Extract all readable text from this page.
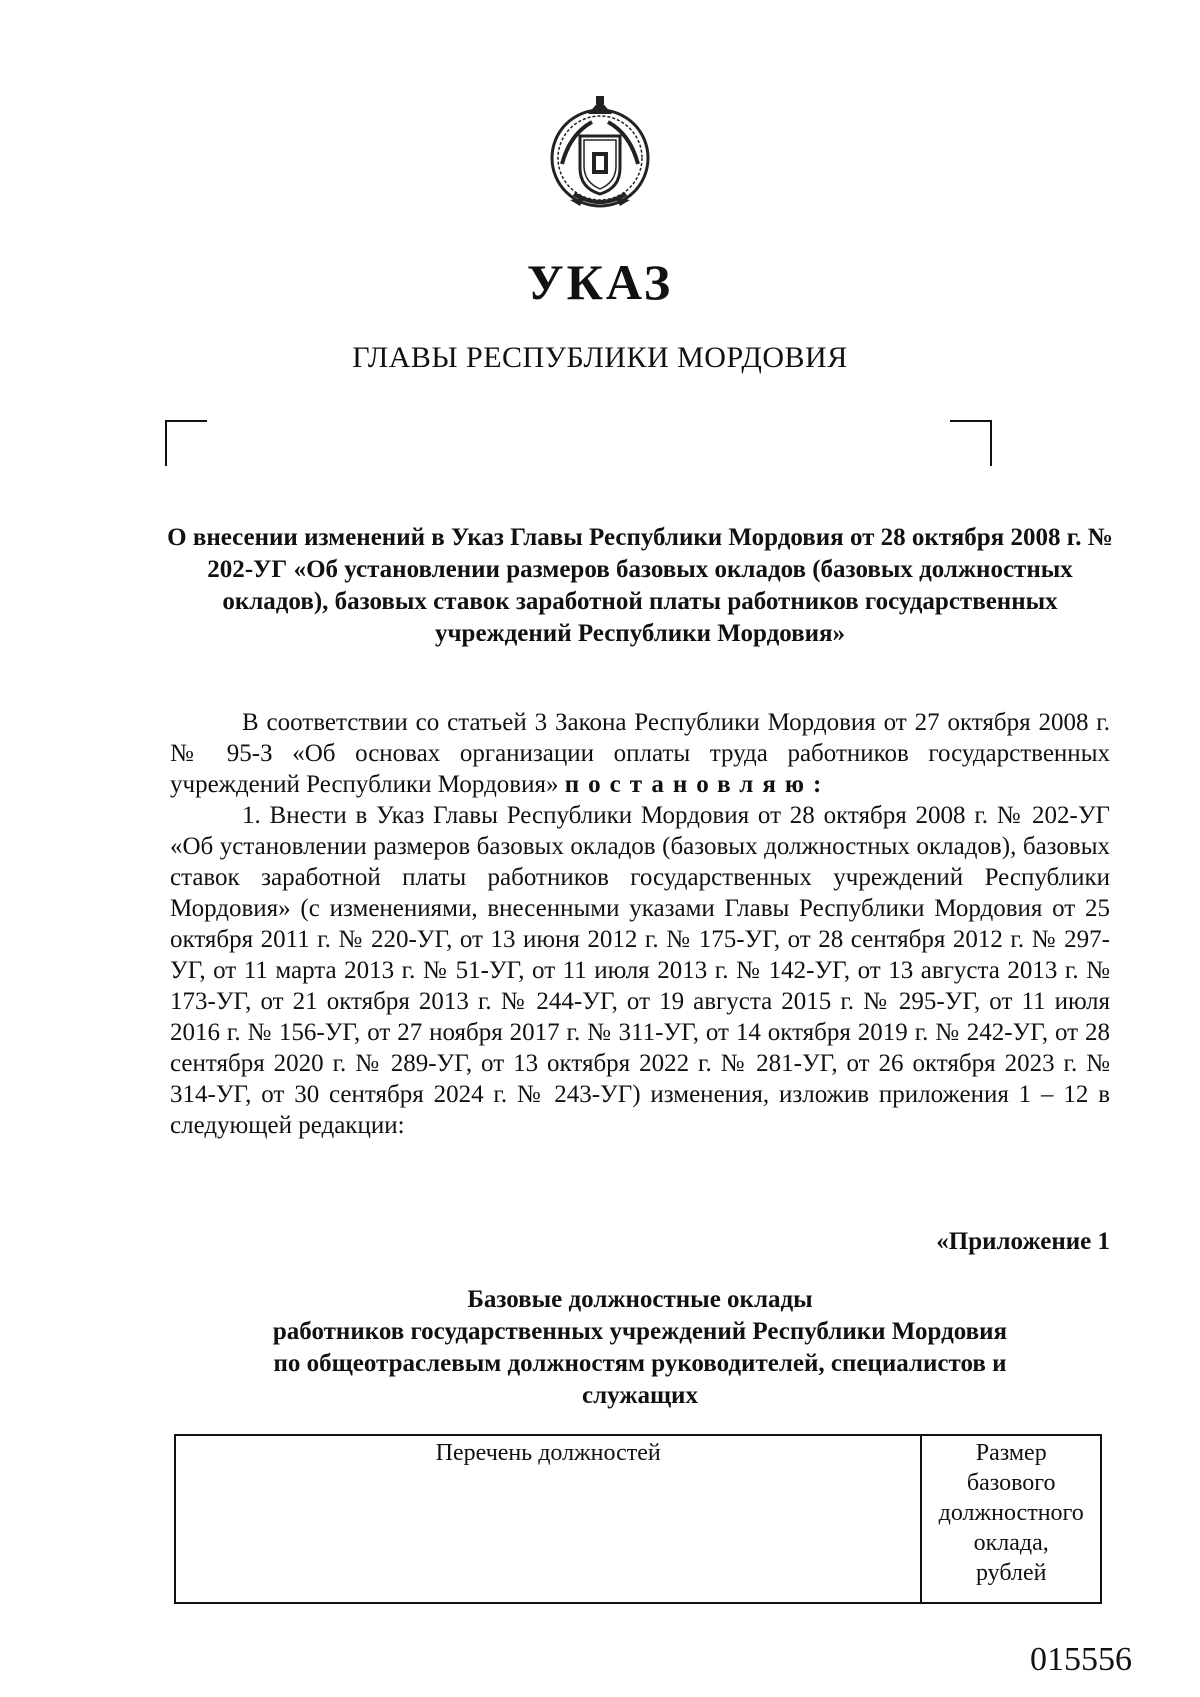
УКАЗ
ГЛАВЫ РЕСПУБЛИКИ МОРДОВИЯ

О внесении изменений в Указ Главы Республики Мордовия от 28 октября 2008 г. № 202-УГ «Об установлении размеров базовых окладов (базовых должностных окладов), базовых ставок заработной платы работников государственных учреждений Республики Мордовия»

В соответствии со статьей 3 Закона Республики Мордовия от 27 октября 2008 г. № 95-З «Об основах организации оплаты труда работников государственных учреждений Республики Мордовия» постановляю:

1. Внести в Указ Главы Республики Мордовия от 28 октября 2008 г. № 202-УГ «Об установлении размеров базовых окладов (базовых должностных окладов), базовых ставок заработной платы работников государственных учреждений Республики Мордовия» (с изменениями, внесенными указами Главы Республики Мордовия от 25 октября 2011 г. № 220-УГ, от 13 июня 2012 г. № 175-УГ, от 28 сентября 2012 г. № 297-УГ, от 11 марта 2013 г. № 51-УГ, от 11 июля 2013 г. № 142-УГ, от 13 августа 2013 г. № 173-УГ, от 21 октября 2013 г. № 244-УГ, от 19 августа 2015 г. № 295-УГ, от 11 июля 2016 г. № 156-УГ, от 27 ноября 2017 г. № 311-УГ, от 14 октября 2019 г. № 242-УГ, от 28 сентября 2020 г. № 289-УГ, от 13 октября 2022 г. № 281-УГ, от 26 октября 2023 г. № 314-УГ, от 30 сентября 2024 г. № 243-УГ) изменения, изложив приложения 1 – 12 в следующей редакции:

«Приложение 1
Базовые должностные оклады
работников государственных учреждений Республики Мордовия
по общеотраслевым должностям руководителей, специалистов и
служащих
Перечень должностей	Размер
базового
должностного
оклада,
рублей
015556
